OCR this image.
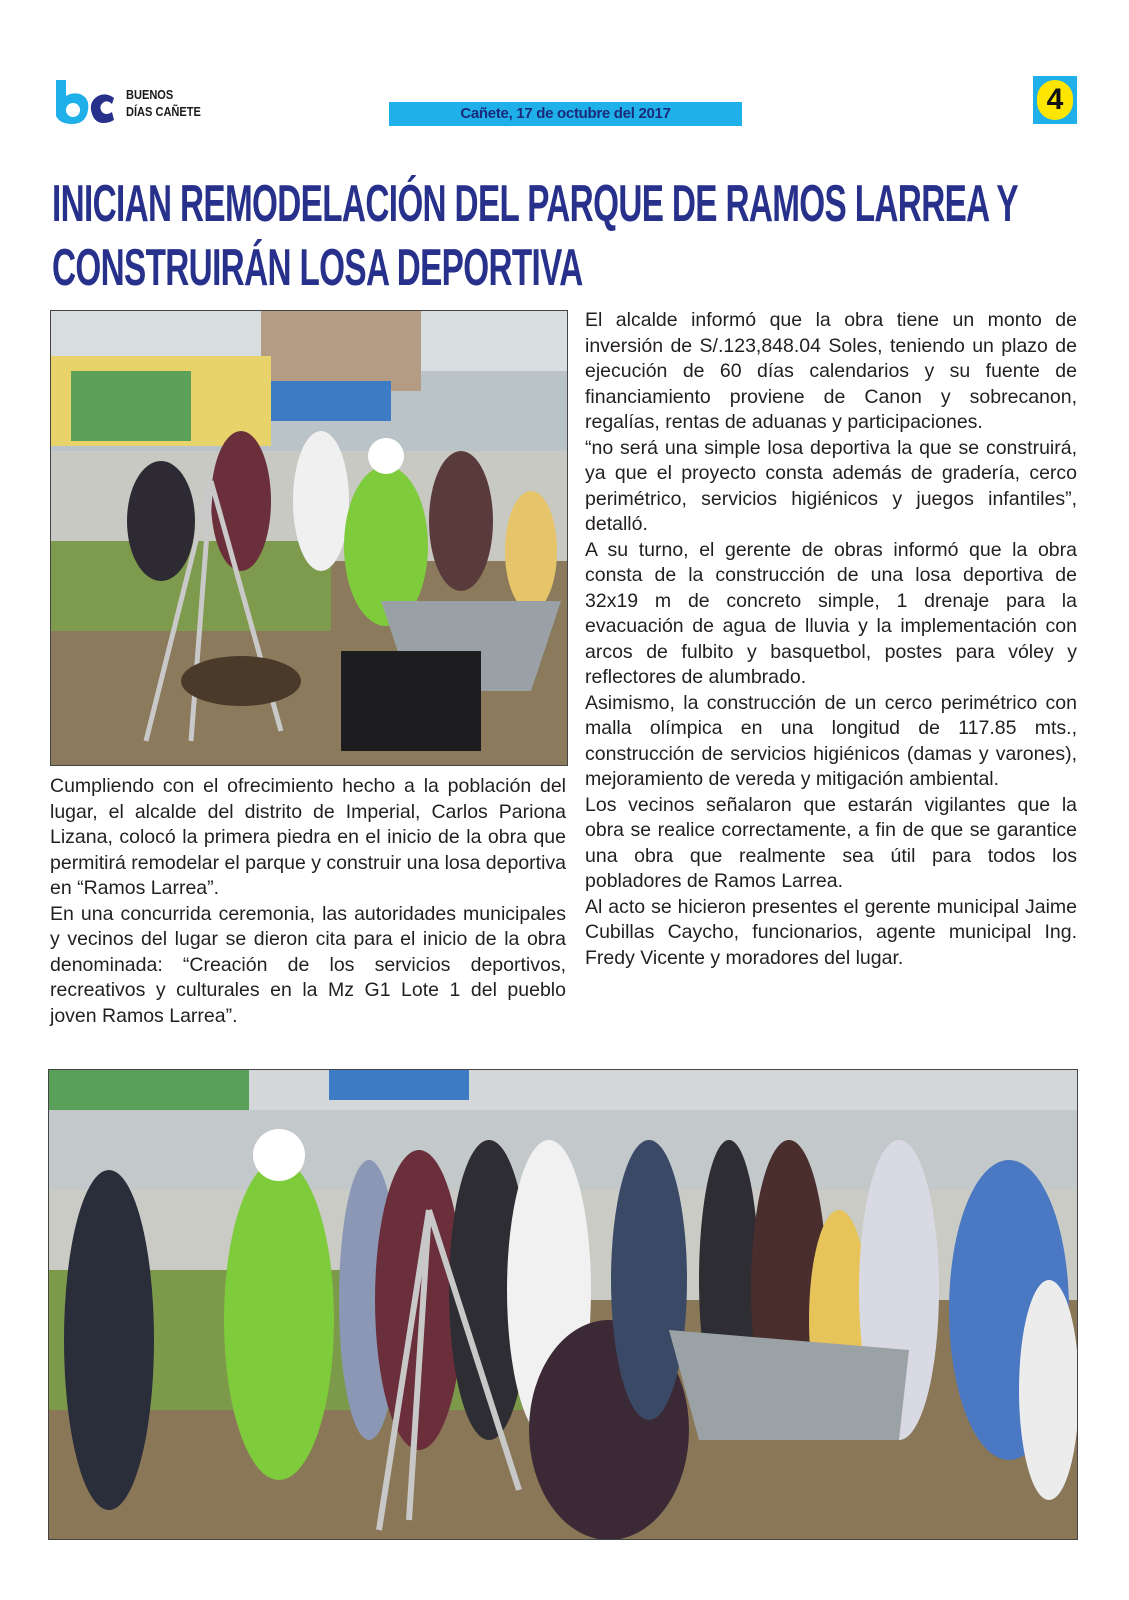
BUENOS
DÍAS CAÑETE	Cañete, 17 de octubre del 2017	4
INICIAN REMODELACIÓN DEL PARQUE DE RAMOS LARREA Y CONSTRUIRÁN LOSA DEPORTIVA

Cumpliendo con el ofrecimiento hecho a la población del lugar, el alcalde del distrito de Imperial, Carlos Pariona Lizana, colocó la primera piedra en el inicio de la obra que permitirá remodelar el parque y construir una losa deportiva en “Ramos Larrea”.

En una concurrida ceremonia, las autoridades municipales y vecinos del lugar se dieron cita para el inicio de la obra denominada: “Creación de los servicios deportivos, recreativos y culturales en la Mz G1 Lote 1 del pueblo joven Ramos Larrea”.

El alcalde informó que la obra tiene un monto de inversión de S/.123,848.04 Soles, teniendo un plazo de ejecución de 60 días calendarios y su fuente de financiamiento proviene de Canon y sobrecanon, regalías, rentas de aduanas y participaciones.

“no será una simple losa deportiva la que se construirá, ya que el proyecto consta además de gradería, cerco perimétrico, servicios higiénicos y juegos infantiles”, detalló.

A su turno, el gerente de obras informó que la obra consta de la construcción de una losa deportiva de 32x19 m de concreto simple, 1 drenaje para la evacuación de agua de lluvia y la implementación con arcos de fulbito y basquetbol, postes para vóley y reflectores de alumbrado.

Asimismo, la construcción de un cerco perimétrico con malla olímpica en una longitud de 117.85 mts., construcción de servicios higiénicos (damas y varones), mejoramiento de vereda y mitigación ambiental.

Los vecinos señalaron que estarán vigilantes que la obra se realice correctamente, a fin de que se garantice una obra que realmente sea útil para todos los pobladores de Ramos Larrea.

Al acto se hicieron presentes el gerente municipal Jaime Cubillas Caycho, funcionarios, agente municipal Ing. Fredy Vicente y moradores del lugar.
